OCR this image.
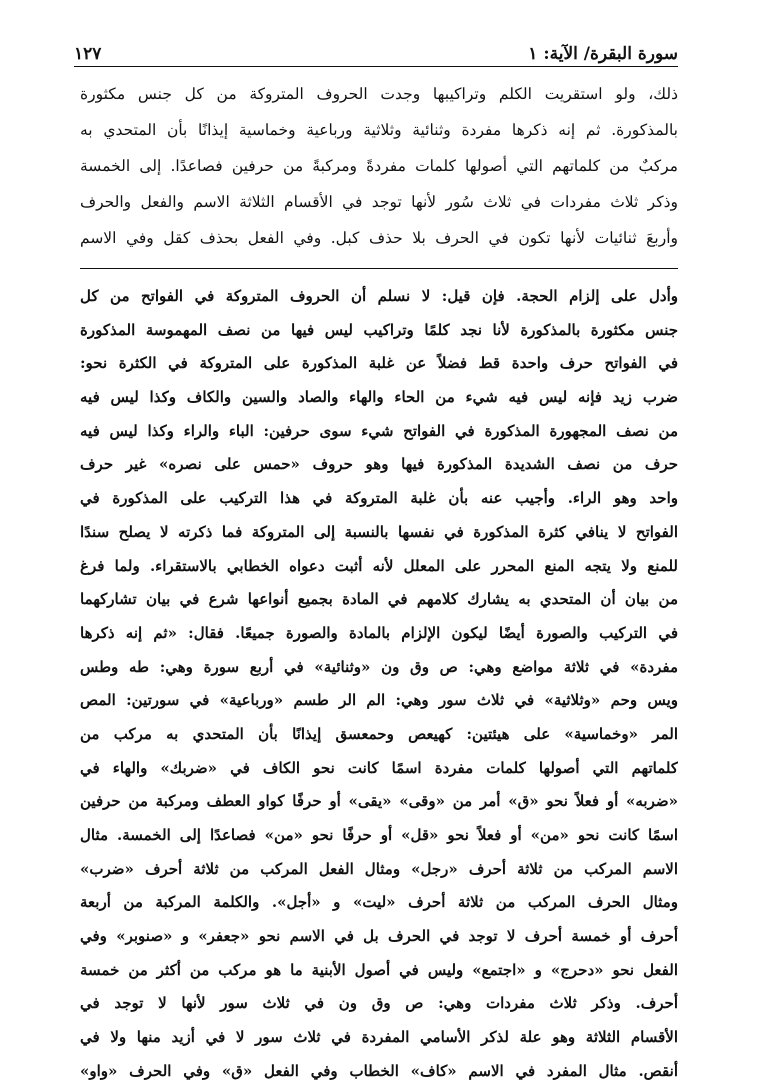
سورة البقرة/ الآية: ١
١٢٧
ذلك، ولو استقريت الكلم وتراكيبها وجدت الحروف المتروكة من كل جنس مكثورة
بالمذكورة. ثم إنه ذكرها مفردة وثنائية وثلاثية ورباعية وخماسية إيذانًا بأن المتحدي به
مركبٌ من كلماتهم التي أصولها كلمات مفردةً ومركبةً من حرفين فصاعدًا. إلى الخمسة
وذكر ثلاث مفردات في ثلاث سُور لأنها توجد في الأقسام الثلاثة الاسم والفعل والحرف
وأربعَ ثنائيات لأنها تكون في الحرف بلا حذف كبل. وفي الفعل بحذف كقل وفي الاسم
وأدل على إلزام الحجة. فإن قيل: لا نسلم أن الحروف المتروكة في الفواتح من كل
جنس مكثورة بالمذكورة لأنا نجد كلمًا وتراكيب ليس فيها من نصف المهموسة المذكورة
في الفواتح حرف واحدة قط فضلاً عن غلبة المذكورة على المتروكة في الكثرة نحو:
ضرب زيد فإنه ليس فيه شيء من الحاء والهاء والصاد والسين والكاف وكذا ليس فيه
من نصف المجهورة المذكورة في الفواتح شيء سوى حرفين: الباء والراء وكذا ليس فيه
حرف من نصف الشديدة المذكورة فيها وهو حروف «حمس على نصره» غير حرف
واحد وهو الراء. وأجيب عنه بأن غلبة المتروكة في هذا التركيب على المذكورة في
الفواتح لا ينافي كثرة المذكورة في نفسها بالنسبة إلى المتروكة فما ذكرته لا يصلح سندًا
للمنع ولا يتجه المنع المحرر على المعلل لأنه أثبت دعواه الخطابي بالاستقراء. ولما فرغ
من بيان أن المتحدي به يشارك كلامهم في المادة بجميع أنواعها شرع في بيان تشاركهما
في التركيب والصورة أيضًا ليكون الإلزام بالمادة والصورة جميعًا. فقال: «ثم إنه ذكرها
مفردة» في ثلاثة مواضع وهي: ص وق ون «وثنائية» في أربع سورة وهي: طه وطس
ويس وحم «وثلاثية» في ثلاث سور وهي: الم الر طسم «ورباعية» في سورتين: المص
المر «وخماسية» على هيئتين: كهيعص وحمعسق إيذانًا بأن المتحدي به مركب من
كلماتهم التي أصولها كلمات مفردة اسمًا كانت نحو الكاف في «ضربك» والهاء في
«ضربه» أو فعلاً نحو «ق» أمر من «وقى» «يقى» أو حرفًا كواو العطف ومركبة من حرفين
اسمًا كانت نحو «من» أو فعلاً نحو «قل» أو حرفًا نحو «من» فصاعدًا إلى الخمسة. مثال
الاسم المركب من ثلاثة أحرف «رجل» ومثال الفعل المركب من ثلاثة أحرف «ضرب»
ومثال الحرف المركب من ثلاثة أحرف «ليت» و «أجل». والكلمة المركبة من أربعة
أحرف أو خمسة أحرف لا توجد في الحرف بل في الاسم نحو «جعفر» و «صنوبر» وفي
الفعل نحو «دحرج» و «اجتمع» وليس في أصول الأبنية ما هو مركب من أكثر من خمسة
أحرف. وذكر ثلاث مفردات وهي: ص وق ون في ثلاث سور لأنها لا توجد في
الأقسام الثلاثة وهو علة لذكر الأسامي المفردة في ثلاث سور لا في أزيد منها ولا في
أنقص. مثال المفرد في الاسم «كاف» الخطاب وفي الفعل «ق» وفي الحرف «واو»
